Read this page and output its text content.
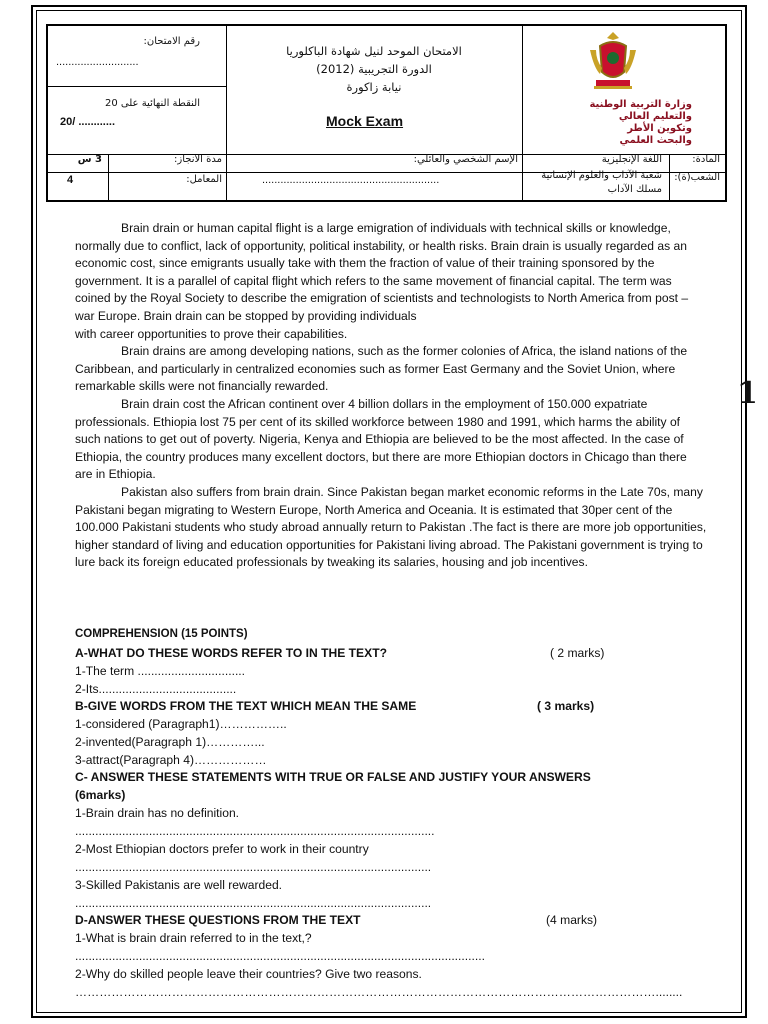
رقم الامتحان:
...........................
النقطة النهائية على 20
20/ ............
الامتحان الموحد لنيل شهادة الباكلوريا
الدورة التجريبية (2012)
نيابة زاكورة
Mock Exam
وزارة التربية الوطنية
والتعليم العالي
وتكوين الأطر
والبحث العلمي
المادة:
اللغة الإنجليزية
الشعب(ة):
شعبة الآداب والعلوم الإنسانية
مسلك الآداب
الإسم الشخصي والعائلي:
..........................................................
مدة الانجاز:
3 س
المعامل:
4
1

Brain drain or human capital flight is a large emigration of individuals with technical skills or knowledge, normally due to conflict, lack of opportunity, political instability, or health risks. Brain drain is usually regarded as an economic cost, since emigrants usually take with them the fraction of value of their training sponsored by the government. It is a parallel of capital flight which refers to the same movement of financial capital. The term was coined by the Royal Society to describe the emigration of scientists and technologists to North America from post –war Europe. Brain drain can be stopped by providing individuals

with career opportunities to prove their capabilities.

Brain drains are among developing nations, such as the former colonies of Africa, the island nations of the Caribbean, and particularly in centralized economies such as former East Germany and the Soviet Union, where remarkable skills were not financially rewarded.

Brain drain cost the African continent over 4 billion dollars in the employment of 150.000 expatriate professionals. Ethiopia lost 75 per cent of its skilled workforce between 1980 and 1991, which harms the ability of such nations to get out of poverty. Nigeria, Kenya and Ethiopia are believed to be the most affected. In the case of Ethiopia, the country produces many excellent doctors, but there are more Ethiopian doctors in Chicago than there are in Ethiopia.

Pakistan also suffers from brain drain. Since Pakistan began market economic reforms in the Late 70s, many Pakistani began migrating to Western Europe, North America and Oceania. It is estimated that 30per cent of the 100.000 Pakistani students who study abroad annually return to Pakistan .The fact is there are more job opportunities, higher standard of living and education opportunities for Pakistani living abroad. The Pakistani government is trying to lure back its foreign educated professionals by tweaking its salaries, housing and job incentives.

COMPREHENSION (15 POINTS)
A-WHAT DO THESE WORDS REFER TO IN THE TEXT?	( 2 marks)
1-The term ................................
2-Its.........................................
B-GIVE WORDS FROM THE TEXT WHICH MEAN THE SAME	( 3 marks)
1-considered (Paragraph1)……………..
2-invented(Paragraph 1)…………...
3-attract(Paragraph 4)………………
C- ANSWER THESE STATEMENTS WITH TRUE OR FALSE AND JUSTIFY YOUR ANSWERS
(6marks)
1-Brain drain has no definition.
...........................................................................................................
2-Most Ethiopian doctors prefer to work in their country
..........................................................................................................
3-Skilled Pakistanis are well rewarded.
..........................................................................................................
D-ANSWER THESE QUESTIONS FROM THE TEXT	(4 marks)
1-What is brain drain referred to in the text,?
..........................................................................................................................
2-Why do skilled people leave their countries? Give two reasons.
………………………………………………………………………………………………………………………………........
